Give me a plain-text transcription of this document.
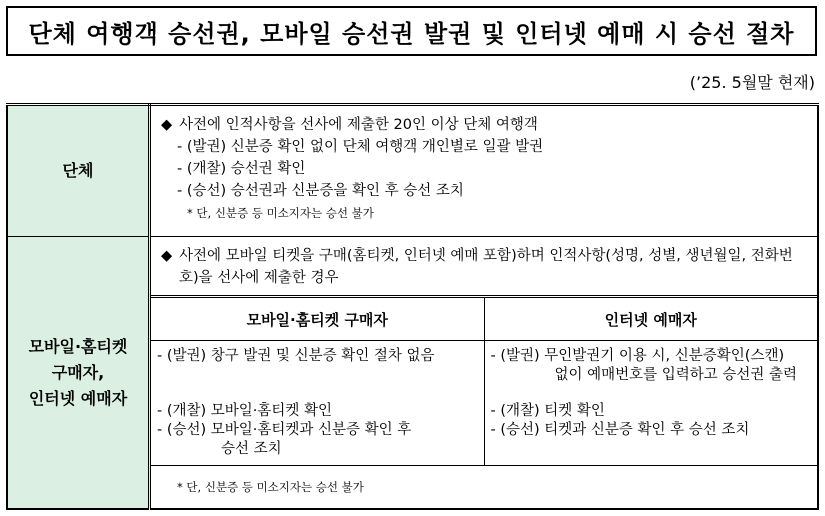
단체 여행객 승선권, 모바일 승선권 발권 및 인터넷 예매 시 승선 절차
(’25. 5월말 현재)
단체	
◆ 사전에 인적사항을 선사에 제출한 20인 이상 단체 여행객
- (발권) 신분증 확인 없이 단체 여행객 개인별로 일괄 발권
- (개찰) 승선권 확인
- (승선) 승선권과 신분증을 확인 후 승선 조치
* 단, 신분증 등 미소지자는 승선 불가

모바일·홈티켓
구매자,
인터넷 예매자

◆ 사전에 모바일 티켓을 구매(홈티켓, 인터넷 예매 포함)하며 인적사항(성명, 성별, 생년월일, 전화번호)을 선사에 제출한 경우
모바일·홈티켓 구매자	인터넷 예매자

- (발권) 창구 발권 및 신분증 확인 절차 없음
- (개찰) 모바일·홈티켓 확인
- (승선) 모바일·홈티켓과 신분증 확인 후
승선 조치

- (발권) 무인발권기 이용 시, 신분증확인(스캔)
없이 예매번호를 입력하고 승선권 출력
- (개찰) 티켓 확인
- (승선) 티켓과 신분증 확인 후 승선 조치

* 단, 신분증 등 미소지자는 승선 불가
